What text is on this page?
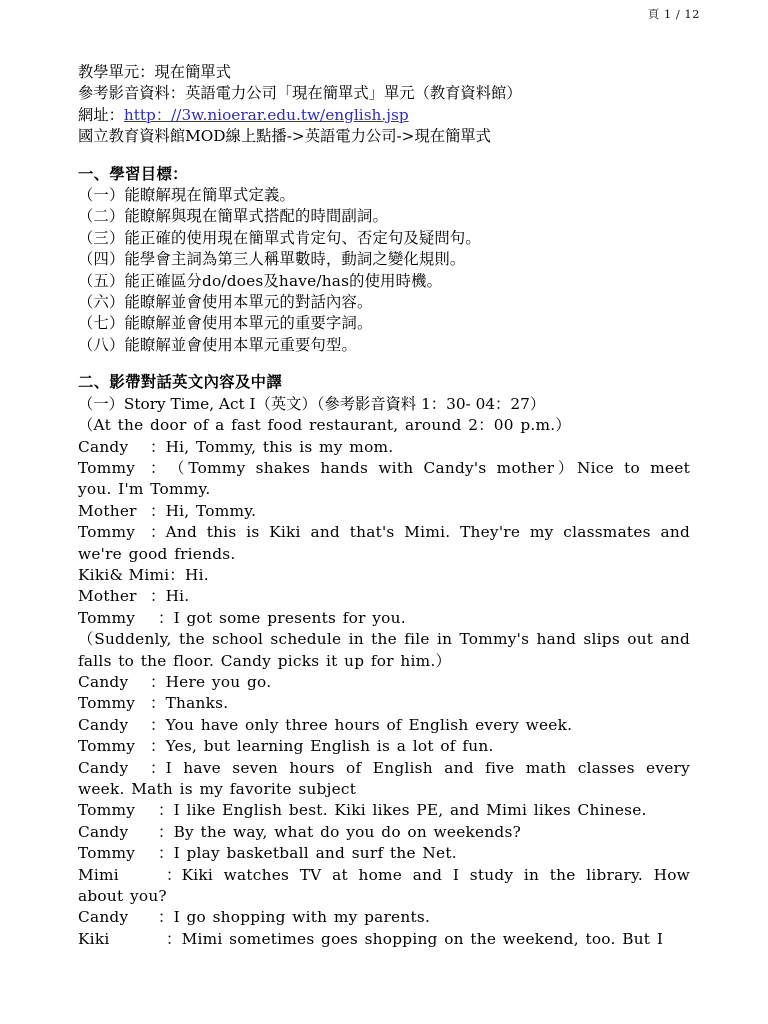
頁 1 / 12

教學單元：現在簡單式

參考影音資料：英語電力公司「現在簡單式」單元（教育資料館）

網址：http：//3w.nioerar.edu.tw/english.jsp

國立教育資料館MOD線上點播->英語電力公司->現在簡單式

一、學習目標：

（一）能瞭解現在簡單式定義。

（二）能瞭解與現在簡單式搭配的時間副詞。

（三）能正確的使用現在簡單式肯定句、否定句及疑問句。

（四）能學會主詞為第三人稱單數時，動詞之變化規則。

（五）能正確區分do/does及have/has的使用時機。

（六）能瞭解並會使用本單元的對話內容。

（七）能瞭解並會使用本單元的重要字詞。

（八）能瞭解並會使用本單元重要句型。

二、影帶對話英文內容及中譯

（一）Story Time, Act I（英文）（參考影音資料 1：30- 04：27）

（At the door of a fast food restaurant, around 2：00 p.m.）

Candy ：Hi, Tommy, this is my mom.

Tommy ：（Tommy shakes hands with Candy's mother）Nice to meet you. I'm Tommy.

Mother ：Hi, Tommy.

Tommy ：And this is Kiki and that's Mimi. They're my classmates and we're good friends.

Kiki& Mimi：Hi.

Mother ：Hi.

Tommy ：I got some presents for you.

（Suddenly, the school schedule in the file in Tommy's hand slips out and falls to the floor. Candy picks it up for him.）

Candy ：Here you go.

Tommy ：Thanks.

Candy ：You have only three hours of English every week.

Tommy ：Yes, but learning English is a lot of fun.

Candy ：I have seven hours of English and five math classes every week. Math is my favorite subject

Tommy ：I like English best. Kiki likes PE, and Mimi likes Chinese.

Candy ：By the way, what do you do on weekends?

Tommy ：I play basketball and surf the Net.

Mimi	：Kiki watches TV at home and I study in the library. How about you?

Candy ：I go shopping with my parents.

Kiki	：Mimi sometimes goes shopping on the weekend, too. But I
